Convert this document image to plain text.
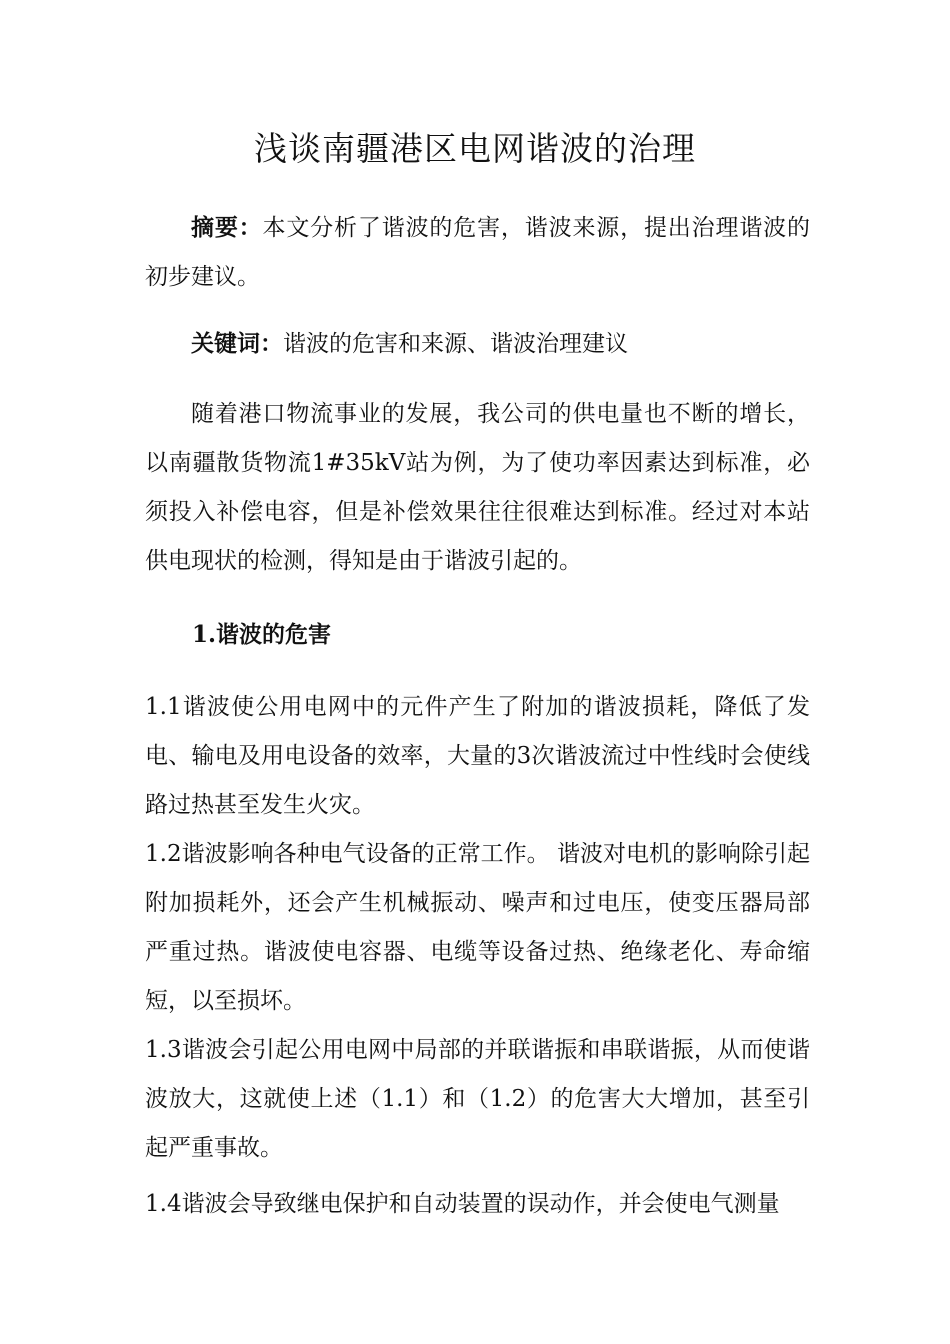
浅谈南疆港区电网谐波的治理
摘要：本文分析了谐波的危害，谐波来源，提出治理谐波的初步建议。
关键词：谐波的危害和来源、谐波治理建议
随着港口物流事业的发展，我公司的供电量也不断的增长，以南疆散货物流1#35kV站为例，为了使功率因素达到标准，必须投入补偿电容，但是补偿效果往往很难达到标准。经过对本站供电现状的检测，得知是由于谐波引起的。
1.谐波的危害
1.1谐波使公用电网中的元件产生了附加的谐波损耗，降低了发电、输电及用电设备的效率，大量的3次谐波流过中性线时会使线路过热甚至发生火灾。
1.2谐波影响各种电气设备的正常工作。 谐波对电机的影响除引起附加损耗外，还会产生机械振动、噪声和过电压，使变压器局部严重过热。谐波使电容器、电缆等设备过热、绝缘老化、寿命缩短，以至损坏。
1.3谐波会引起公用电网中局部的并联谐振和串联谐振，从而使谐波放大，这就使上述（1.1）和（1.2）的危害大大增加，甚至引起严重事故。
1.4谐波会导致继电保护和自动装置的误动作，并会使电气测量
